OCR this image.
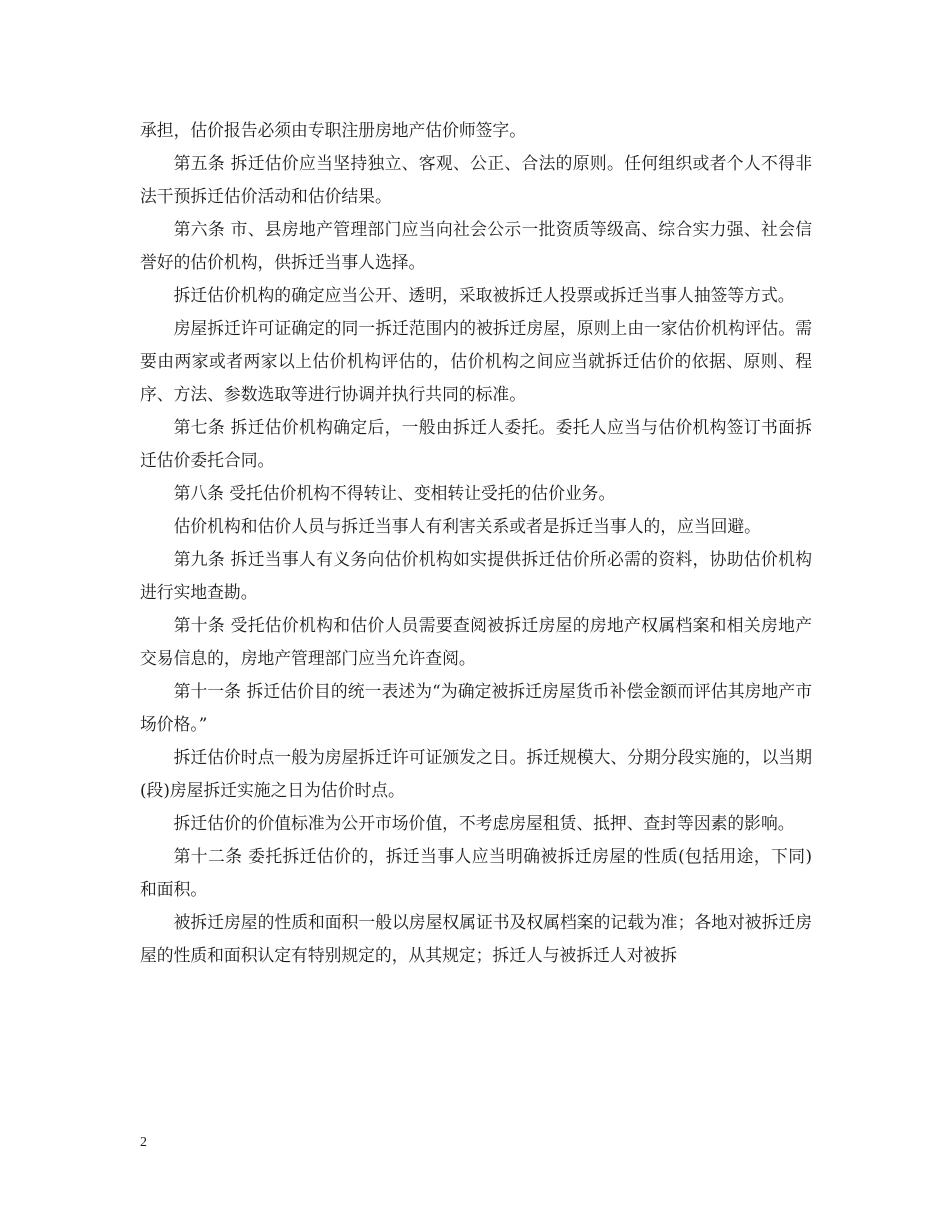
承担，估价报告必须由专职注册房地产估价师签字。

第五条 拆迁估价应当坚持独立、客观、公正、合法的原则。任何组织或者个人不得非法干预拆迁估价活动和估价结果。

第六条 市、县房地产管理部门应当向社会公示一批资质等级高、综合实力强、社会信誉好的估价机构，供拆迁当事人选择。

拆迁估价机构的确定应当公开、透明，采取被拆迁人投票或拆迁当事人抽签等方式。

房屋拆迁许可证确定的同一拆迁范围内的被拆迁房屋，原则上由一家估价机构评估。需要由两家或者两家以上估价机构评估的，估价机构之间应当就拆迁估价的依据、原则、程序、方法、参数选取等进行协调并执行共同的标准。

第七条 拆迁估价机构确定后，一般由拆迁人委托。委托人应当与估价机构签订书面拆迁估价委托合同。

第八条 受托估价机构不得转让、变相转让受托的估价业务。

估价机构和估价人员与拆迁当事人有利害关系或者是拆迁当事人的，应当回避。

第九条 拆迁当事人有义务向估价机构如实提供拆迁估价所必需的资料，协助估价机构进行实地查勘。

第十条 受托估价机构和估价人员需要查阅被拆迁房屋的房地产权属档案和相关房地产交易信息的，房地产管理部门应当允许查阅。

第十一条 拆迁估价目的统一表述为“为确定被拆迁房屋货币补偿金额而评估其房地产市场价格。”

拆迁估价时点一般为房屋拆迁许可证颁发之日。拆迁规模大、分期分段实施的，以当期(段)房屋拆迁实施之日为估价时点。

拆迁估价的价值标准为公开市场价值，不考虑房屋租赁、抵押、查封等因素的影响。

第十二条 委托拆迁估价的，拆迁当事人应当明确被拆迁房屋的性质(包括用途，下同)和面积。

被拆迁房屋的性质和面积一般以房屋权属证书及权属档案的记载为准；各地对被拆迁房屋的性质和面积认定有特别规定的，从其规定；拆迁人与被拆迁人对被拆

2
